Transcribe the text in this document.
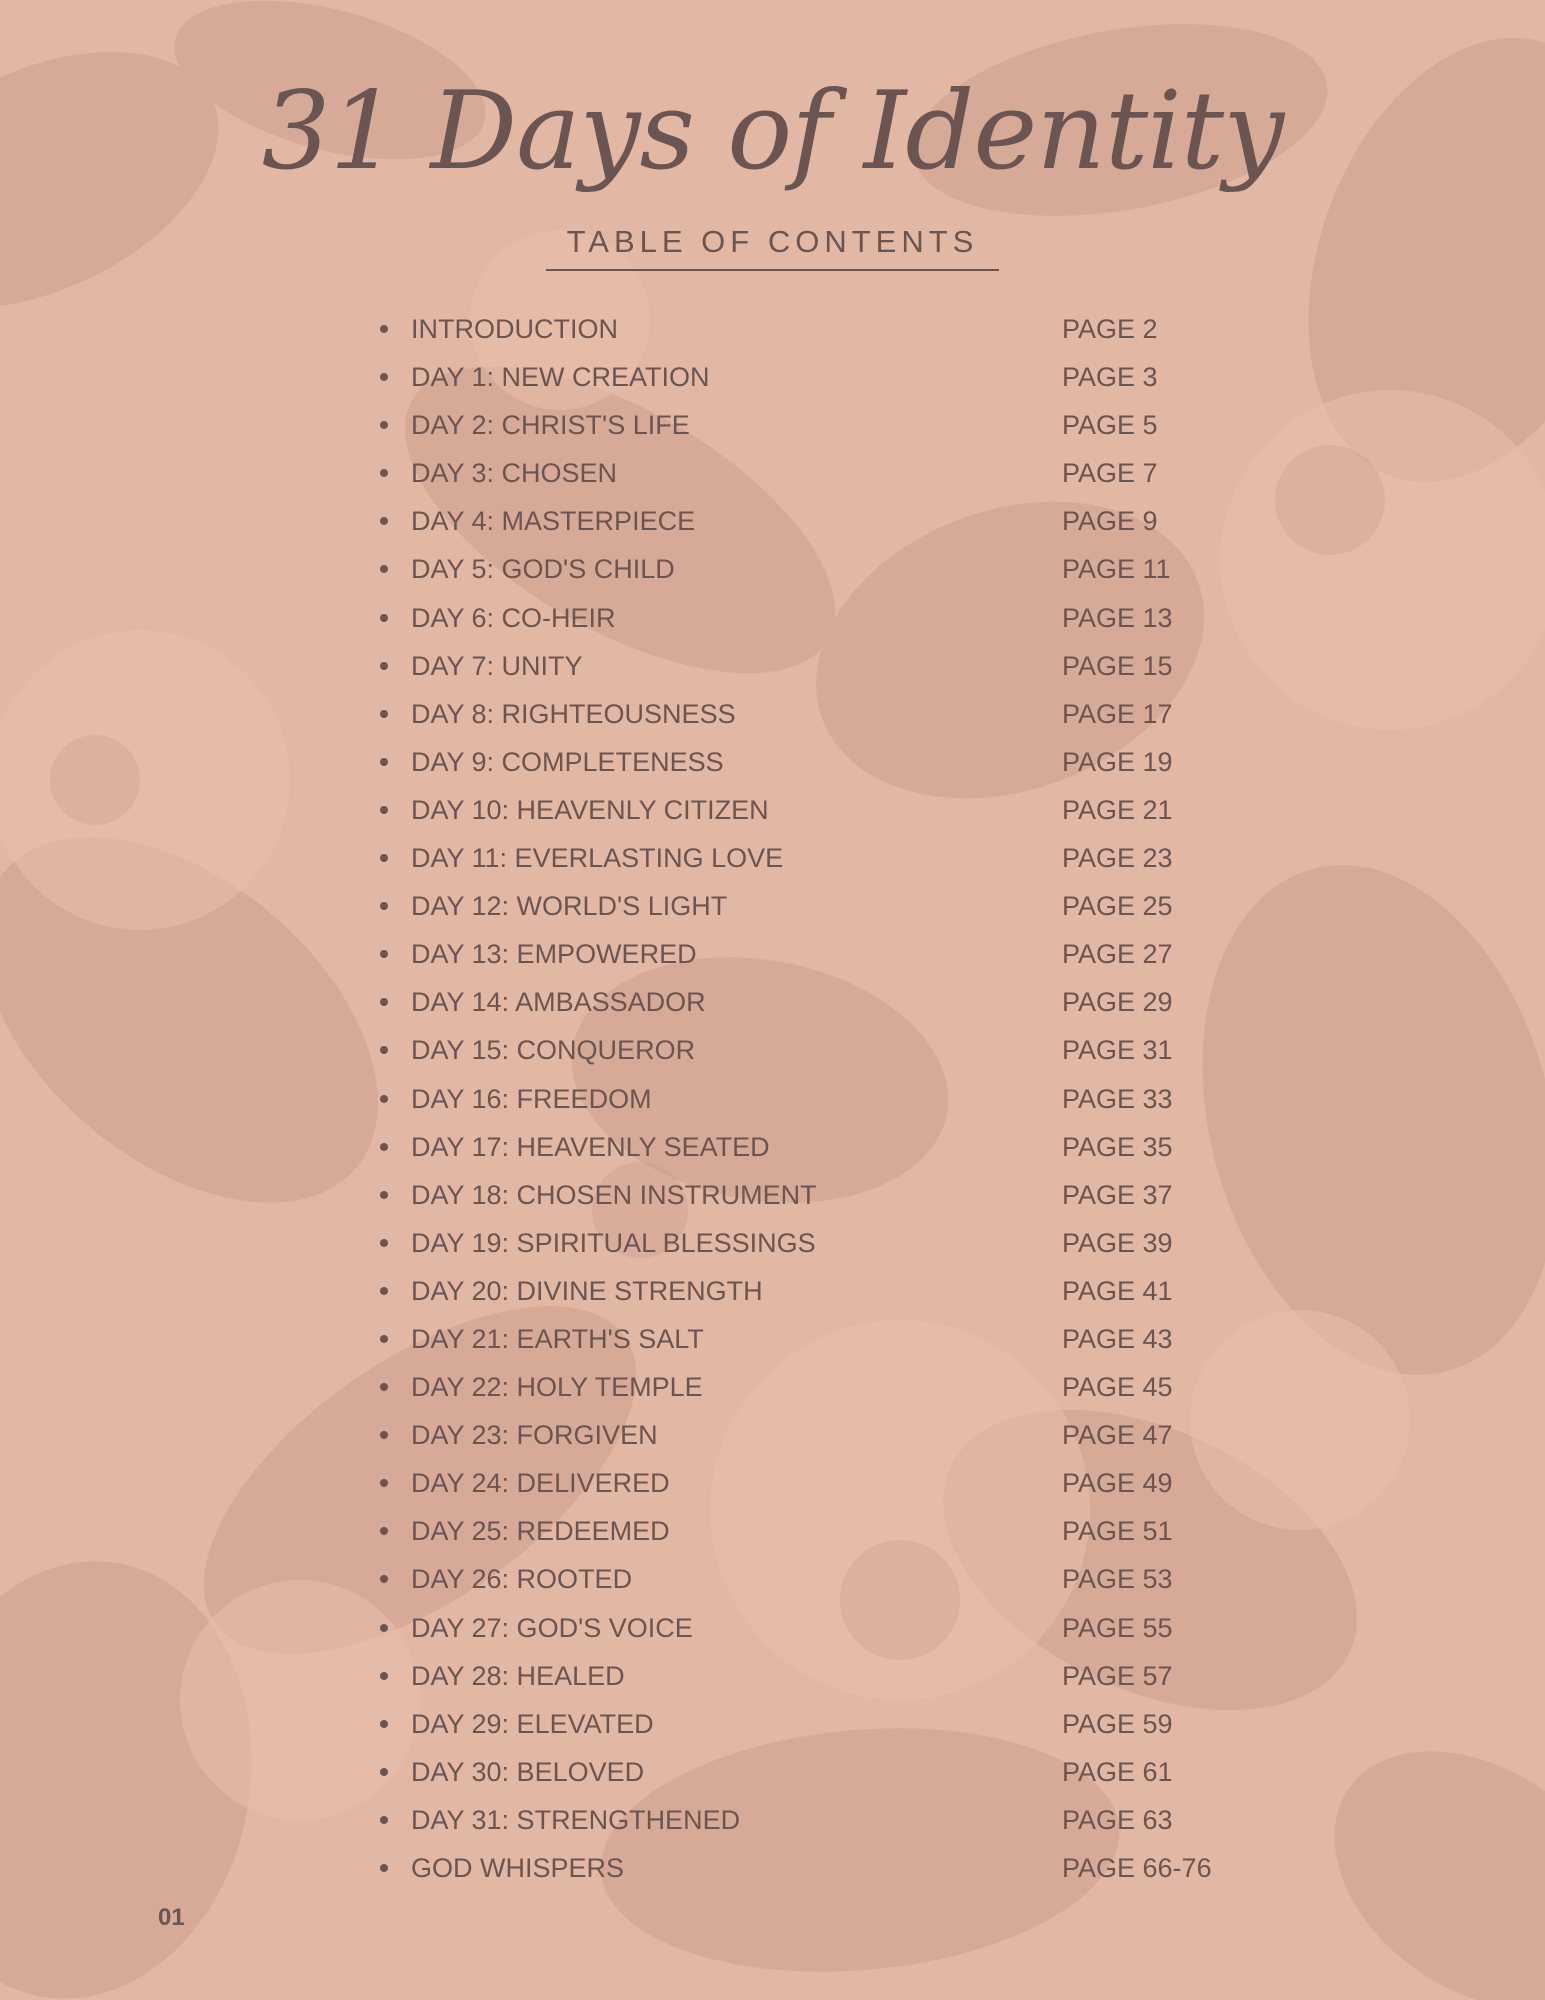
31 Days of Identity
TABLE OF CONTENTS
INTRODUCTION	PAGE 2
DAY 1: NEW CREATION	PAGE 3
DAY 2: CHRIST'S LIFE	PAGE 5
DAY 3: CHOSEN	PAGE 7
DAY 4: MASTERPIECE	PAGE 9
DAY 5: GOD'S CHILD	PAGE 11
DAY 6: CO-HEIR	PAGE 13
DAY 7: UNITY	PAGE 15
DAY 8: RIGHTEOUSNESS	PAGE 17
DAY 9: COMPLETENESS	PAGE 19
DAY 10: HEAVENLY CITIZEN	PAGE 21
DAY 11: EVERLASTING LOVE	PAGE 23
DAY 12: WORLD'S LIGHT	PAGE 25
DAY 13: EMPOWERED	PAGE 27
DAY 14: AMBASSADOR	PAGE 29
DAY 15: CONQUEROR	PAGE 31
DAY 16: FREEDOM	PAGE 33
DAY 17: HEAVENLY SEATED	PAGE 35
DAY 18: CHOSEN INSTRUMENT	PAGE 37
DAY 19: SPIRITUAL BLESSINGS	PAGE 39
DAY 20: DIVINE STRENGTH	PAGE 41
DAY 21: EARTH'S SALT	PAGE 43
DAY 22: HOLY TEMPLE	PAGE 45
DAY 23: FORGIVEN	PAGE 47
DAY 24: DELIVERED	PAGE 49
DAY 25: REDEEMED	PAGE 51
DAY 26: ROOTED	PAGE 53
DAY 27: GOD'S VOICE	PAGE 55
DAY 28: HEALED	PAGE 57
DAY 29: ELEVATED	PAGE 59
DAY 30: BELOVED	PAGE 61
DAY 31: STRENGTHENED	PAGE 63
GOD WHISPERS	PAGE 66-76
01
